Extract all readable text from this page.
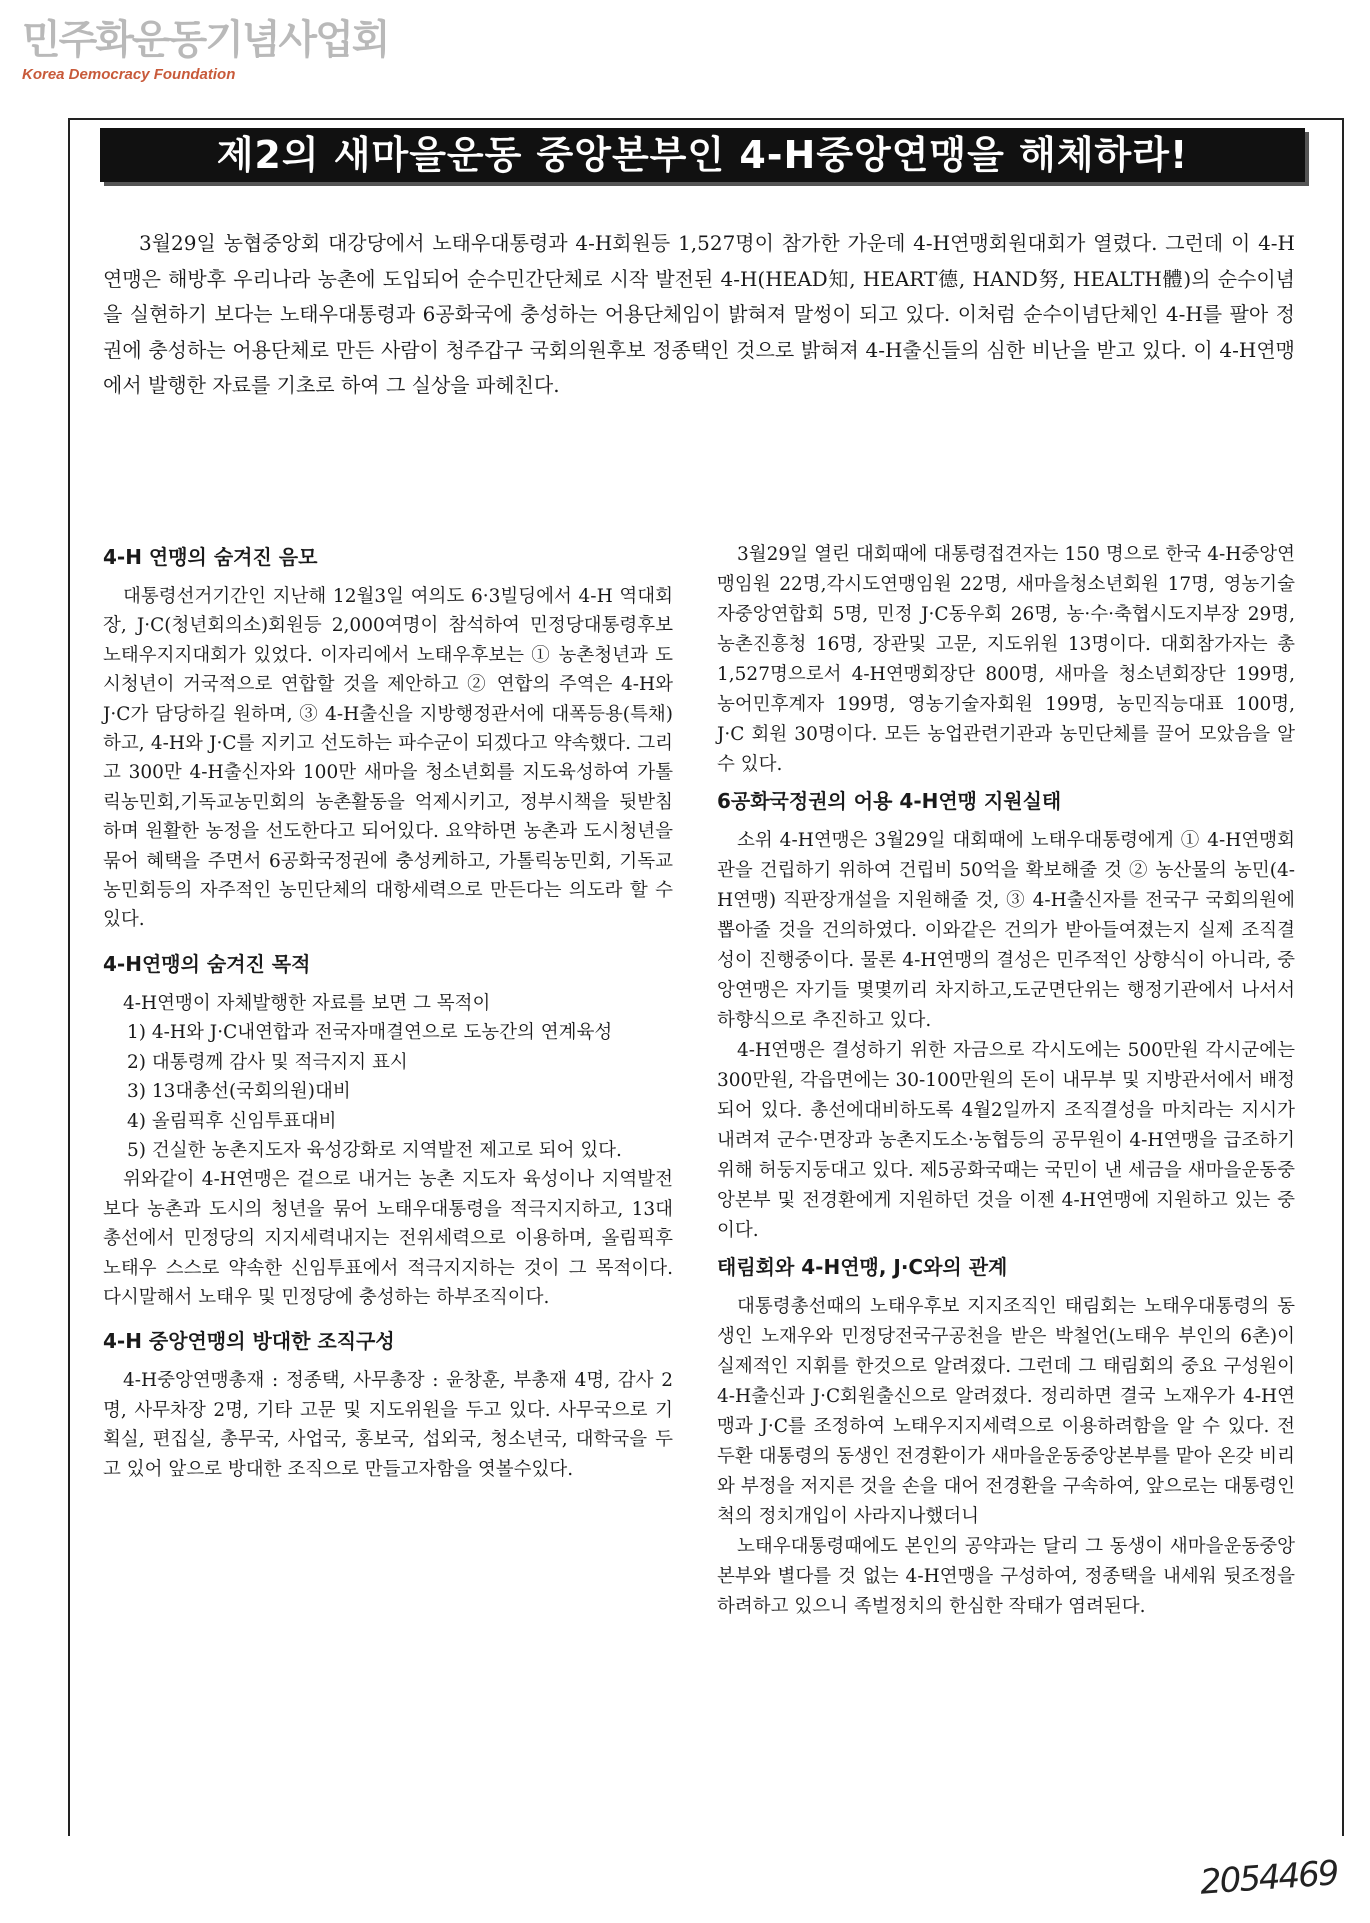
민주화운동기념사업회
Korea Democracy Foundation
제2의 새마을운동 중앙본부인 4-H중앙연맹을 해체하라!

3월29일 농협중앙회 대강당에서 노태우대통령과 4-H회원등 1,527명이 참가한 가운데 4-H연맹회원대회가 열렸다. 그런데 이 4-H연맹은 해방후 우리나라 농촌에 도입되어 순수민간단체로 시작 발전된 4-H(HEAD知, HEART德, HAND努, HEALTH體)의 순수이념을 실현하기 보다는 노태우대통령과 6공화국에 충성하는 어용단체임이 밝혀져 말썽이 되고 있다. 이처럼 순수이념단체인 4-H를 팔아 정권에 충성하는 어용단체로 만든 사람이 청주갑구 국회의원후보 정종택인 것으로 밝혀져 4-H출신들의 심한 비난을 받고 있다. 이 4-H연맹에서 발행한 자료를 기초로 하여 그 실상을 파헤친다.

4-H 연맹의 숨겨진 음모

대통령선거기간인 지난해 12월3일 여의도 6·3빌딩에서 4-H 역대회장, J·C(청년회의소)회원등 2,000여명이 참석하여 민정당대통령후보 노태우지지대회가 있었다. 이자리에서 노태우후보는 ① 농촌청년과 도시청년이 거국적으로 연합할 것을 제안하고 ② 연합의 주역은 4-H와 J·C가 담당하길 원하며, ③ 4-H출신을 지방행정관서에 대폭등용(특채) 하고, 4-H와 J·C를 지키고 선도하는 파수군이 되겠다고 약속했다. 그리고 300만 4-H출신자와 100만 새마을 청소년회를 지도육성하여 가톨릭농민회,기독교농민회의 농촌활동을 억제시키고, 정부시책을 뒷받침하며 원활한 농정을 선도한다고 되어있다. 요약하면 농촌과 도시청년을 묶어 혜택을 주면서 6공화국정권에 충성케하고, 가톨릭농민회, 기독교농민회등의 자주적인 농민단체의 대항세력으로 만든다는 의도라 할 수 있다.

4-H연맹의 숨겨진 목적

4-H연맹이 자체발행한 자료를 보면 그 목적이

1) 4-H와 J·C내연합과 전국자매결연으로 도농간의 연계육성
2) 대통령께 감사 및 적극지지 표시
3) 13대총선(국회의원)대비
4) 올림픽후 신임투표대비
5) 건실한 농촌지도자 육성강화로 지역발전 제고로 되어 있다.

위와같이 4-H연맹은 겉으로 내거는 농촌 지도자 육성이나 지역발전보다 농촌과 도시의 청년을 묶어 노태우대통령을 적극지지하고, 13대총선에서 민정당의 지지세력내지는 전위세력으로 이용하며, 올림픽후 노태우 스스로 약속한 신임투표에서 적극지지하는 것이 그 목적이다. 다시말해서 노태우 및 민정당에 충성하는 하부조직이다.

4-H 중앙연맹의 방대한 조직구성

4-H중앙연맹총재 : 정종택, 사무총장 : 윤창훈, 부총재 4명, 감사 2명, 사무차장 2명, 기타 고문 및 지도위원을 두고 있다. 사무국으로 기획실, 편집실, 총무국, 사업국, 홍보국, 섭외국, 청소년국, 대학국을 두고 있어 앞으로 방대한 조직으로 만들고자함을 엿볼수있다.

3월29일 열린 대회때에 대통령접견자는 150 명으로 한국 4-H중앙연맹임원 22명,각시도연맹임원 22명, 새마을청소년회원 17명, 영농기술자중앙연합회 5명, 민정 J·C동우회 26명, 농·수·축협시도지부장 29명, 농촌진흥청 16명, 장관및 고문, 지도위원 13명이다. 대회참가자는 총 1,527명으로서 4-H연맹회장단 800명, 새마을 청소년회장단 199명, 농어민후계자 199명, 영농기술자회원 199명, 농민직능대표 100명, J·C 회원 30명이다. 모든 농업관련기관과 농민단체를 끌어 모았음을 알 수 있다.

6공화국정권의 어용 4-H연맹 지원실태

소위 4-H연맹은 3월29일 대회때에 노태우대통령에게 ① 4-H연맹회관을 건립하기 위하여 건립비 50억을 확보해줄 것 ② 농산물의 농민(4-H연맹) 직판장개설을 지원해줄 것, ③ 4-H출신자를 전국구 국회의원에 뽑아줄 것을 건의하였다. 이와같은 건의가 받아들여졌는지 실제 조직결성이 진행중이다. 물론 4-H연맹의 결성은 민주적인 상향식이 아니라, 중앙연맹은 자기들 몇몇끼리 차지하고,도군면단위는 행정기관에서 나서서 하향식으로 추진하고 있다.

4-H연맹은 결성하기 위한 자금으로 각시도에는 500만원 각시군에는 300만원, 각읍면에는 30-100만원의 돈이 내무부 및 지방관서에서 배정되어 있다. 총선에대비하도록 4월2일까지 조직결성을 마치라는 지시가 내려져 군수·면장과 농촌지도소·농협등의 공무원이 4-H연맹을 급조하기 위해 허둥지둥대고 있다. 제5공화국때는 국민이 낸 세금을 새마을운동중앙본부 및 전경환에게 지원하던 것을 이젠 4-H연맹에 지원하고 있는 중이다.

태림회와 4-H연맹, J·C와의 관계

대통령총선때의 노태우후보 지지조직인 태림회는 노태우대통령의 동생인 노재우와 민정당전국구공천을 받은 박철언(노태우 부인의 6촌)이 실제적인 지휘를 한것으로 알려졌다. 그런데 그 태림회의 중요 구성원이 4-H출신과 J·C회원출신으로 알려졌다. 정리하면 결국 노재우가 4-H연맹과 J·C를 조정하여 노태우지지세력으로 이용하려함을 알 수 있다. 전두환 대통령의 동생인 전경환이가 새마을운동중앙본부를 맡아 온갖 비리와 부정을 저지른 것을 손을 대어 전경환을 구속하여, 앞으로는 대통령인척의 정치개입이 사라지나했더니

노태우대통령때에도 본인의 공약과는 달리 그 동생이 새마을운동중앙본부와 별다를 것 없는 4-H연맹을 구성하여, 정종택을 내세워 뒷조정을 하려하고 있으니 족벌정치의 한심한 작태가 염려된다.

2054469
